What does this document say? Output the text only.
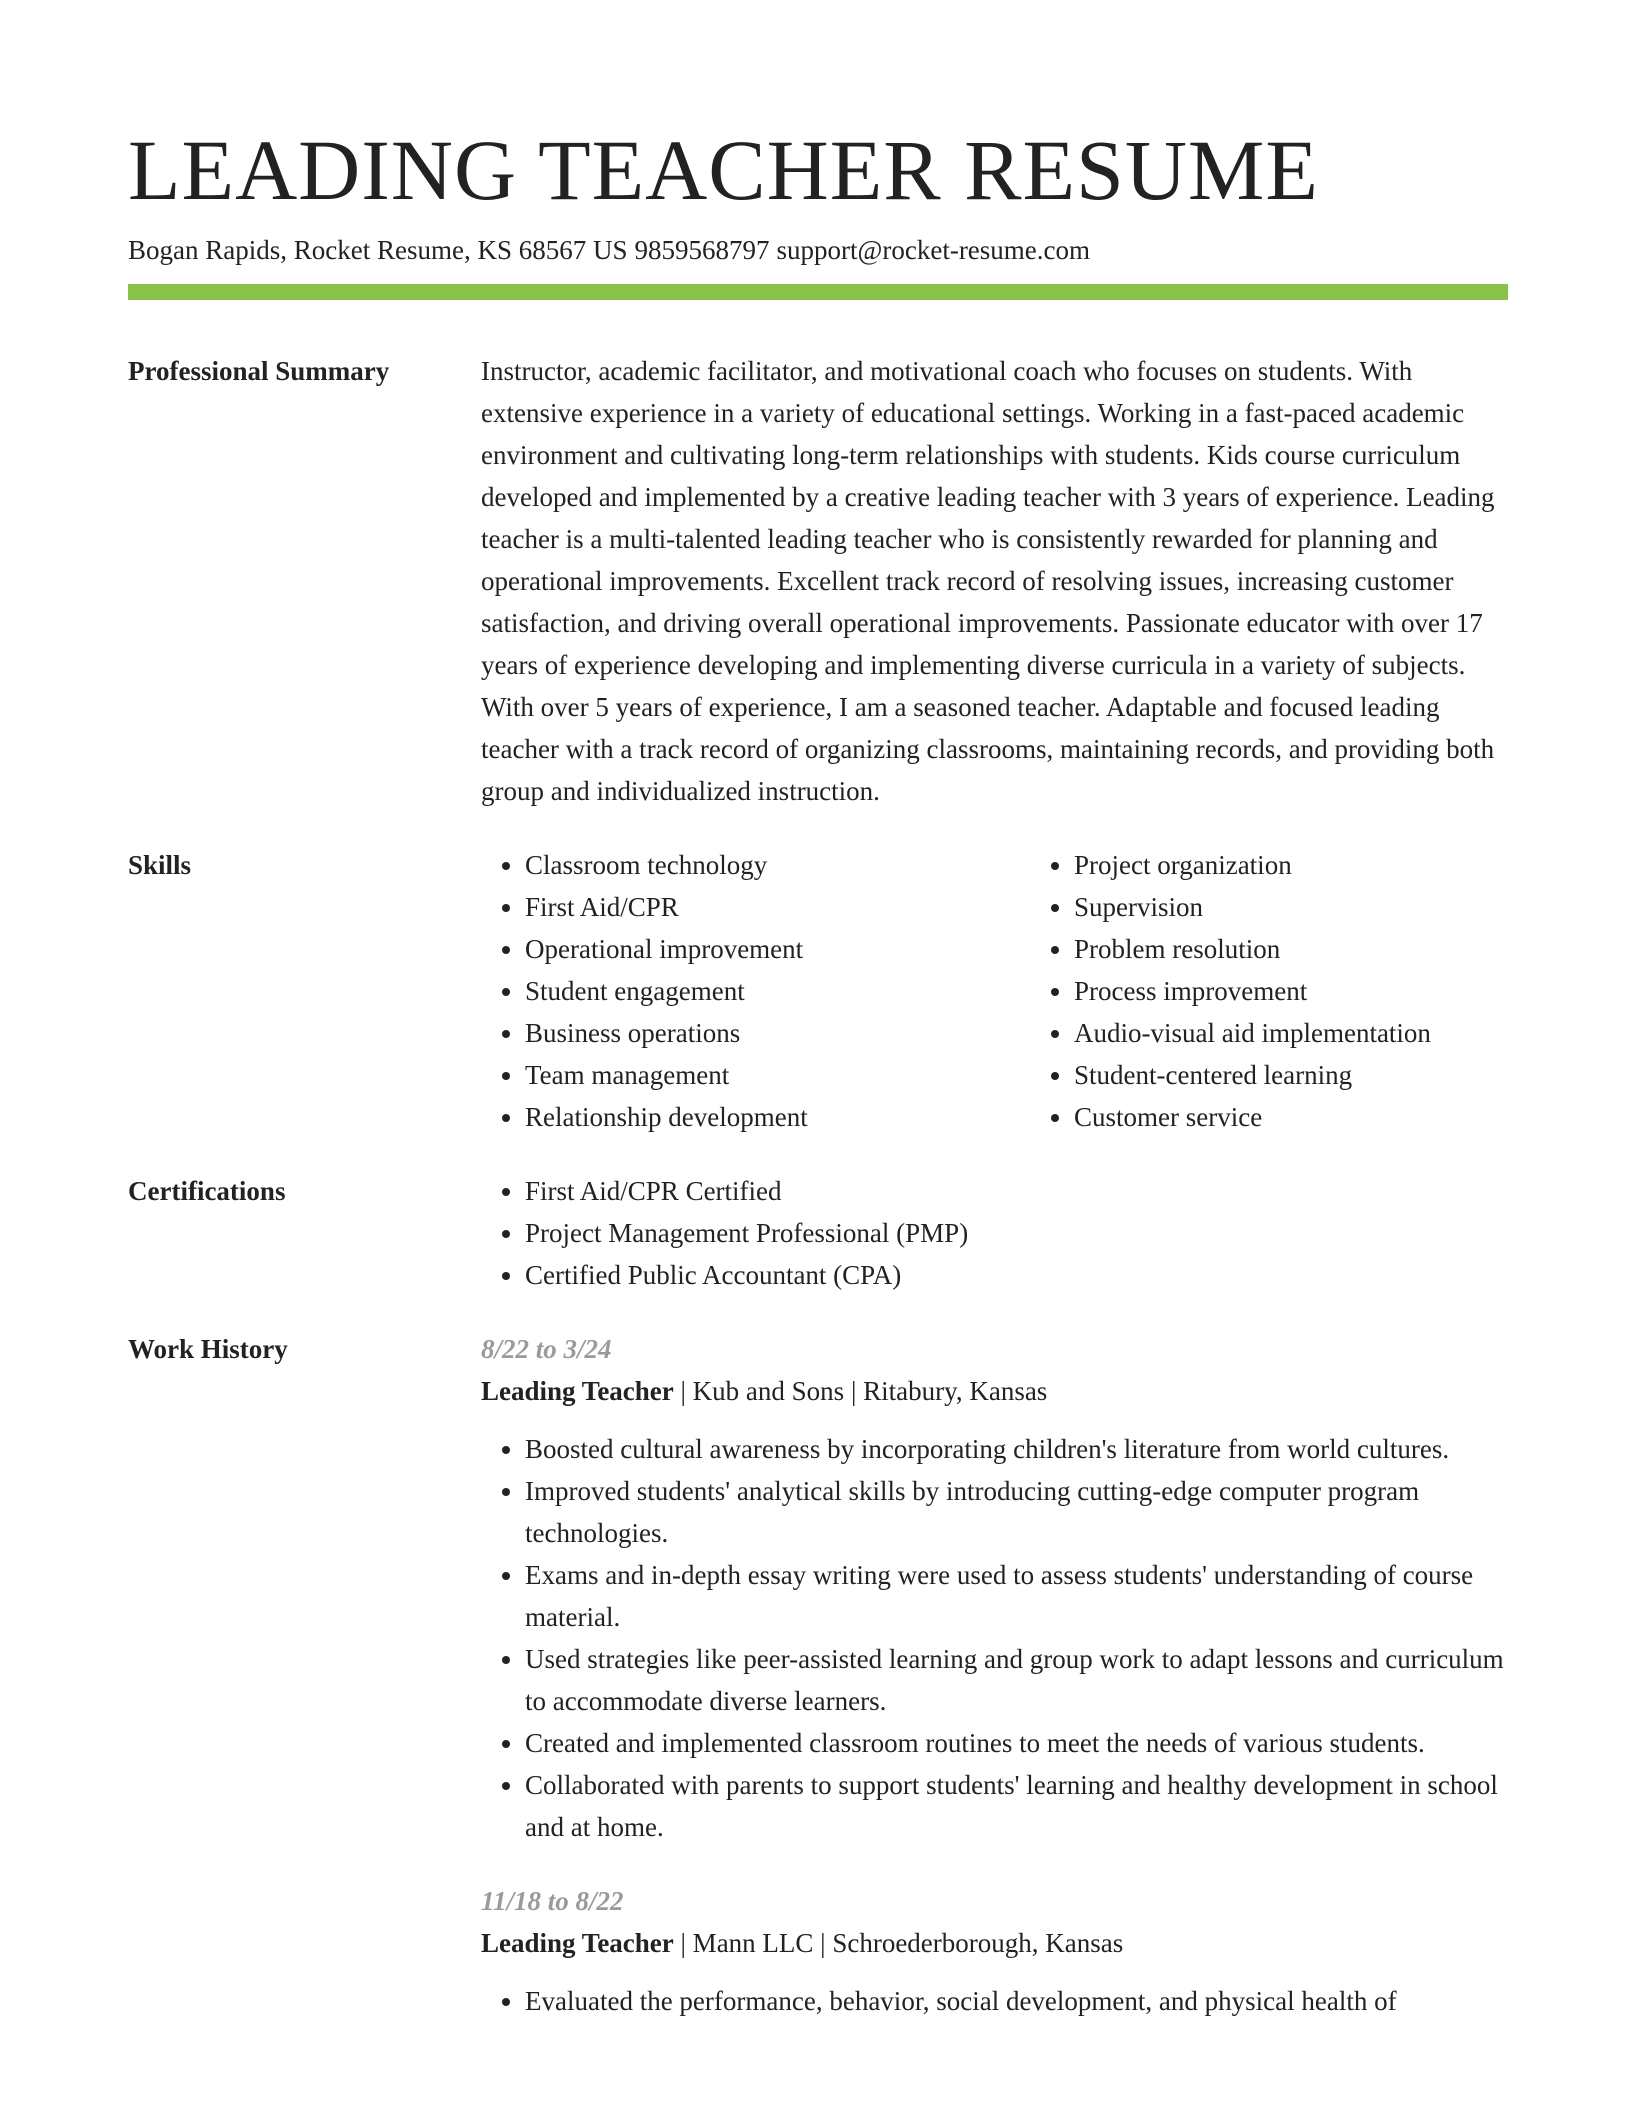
LEADING TEACHER RESUME
Bogan Rapids, Rocket Resume, KS 68567 US 9859568797 support@rocket-resume.com
Professional Summary	Instructor, academic facilitator, and motivational coach who focuses on students. With extensive experience in a variety of educational settings. Working in a fast-paced academic environment and cultivating long-term relationships with students. Kids course curriculum developed and implemented by a creative leading teacher with 3 years of experience. Leading teacher is a multi-talented leading teacher who is consistently rewarded for planning and operational improvements. Excellent track record of resolving issues, increasing customer satisfaction, and driving overall operational improvements. Passionate educator with over 17 years of experience developing and implementing diverse curricula in a variety of subjects. With over 5 years of experience, I am a seasoned teacher. Adaptable and focused leading teacher with a track record of organizing classrooms, maintaining records, and providing both group and individualized instruction.

Skills	• Classroom technology
• First Aid/CPR
• Operational improvement
• Student engagement
• Business operations
• Team management
• Relationship development
• Project organization
• Supervision
• Problem resolution
• Process improvement
• Audio-visual aid implementation
• Student-centered learning
• Customer service
Certifications	• First Aid/CPR Certified
• Project Management Professional (PMP)
• Certified Public Accountant (CPA)
Work History	8/22 to 3/24
Leading Teacher | Kub and Sons | Ritabury, Kansas
• Boosted cultural awareness by incorporating children's literature from world cultures.
• Improved students' analytical skills by introducing cutting-edge computer program technologies.
• Exams and in-depth essay writing were used to assess students' understanding of course material.
• Used strategies like peer-assisted learning and group work to adapt lessons and curriculum to accommodate diverse learners.
• Created and implemented classroom routines to meet the needs of various students.
• Collaborated with parents to support students' learning and healthy development in school and at home.
11/18 to 8/22
Leading Teacher | Mann LLC | Schroederborough, Kansas
• Evaluated the performance, behavior, social development, and physical health of
